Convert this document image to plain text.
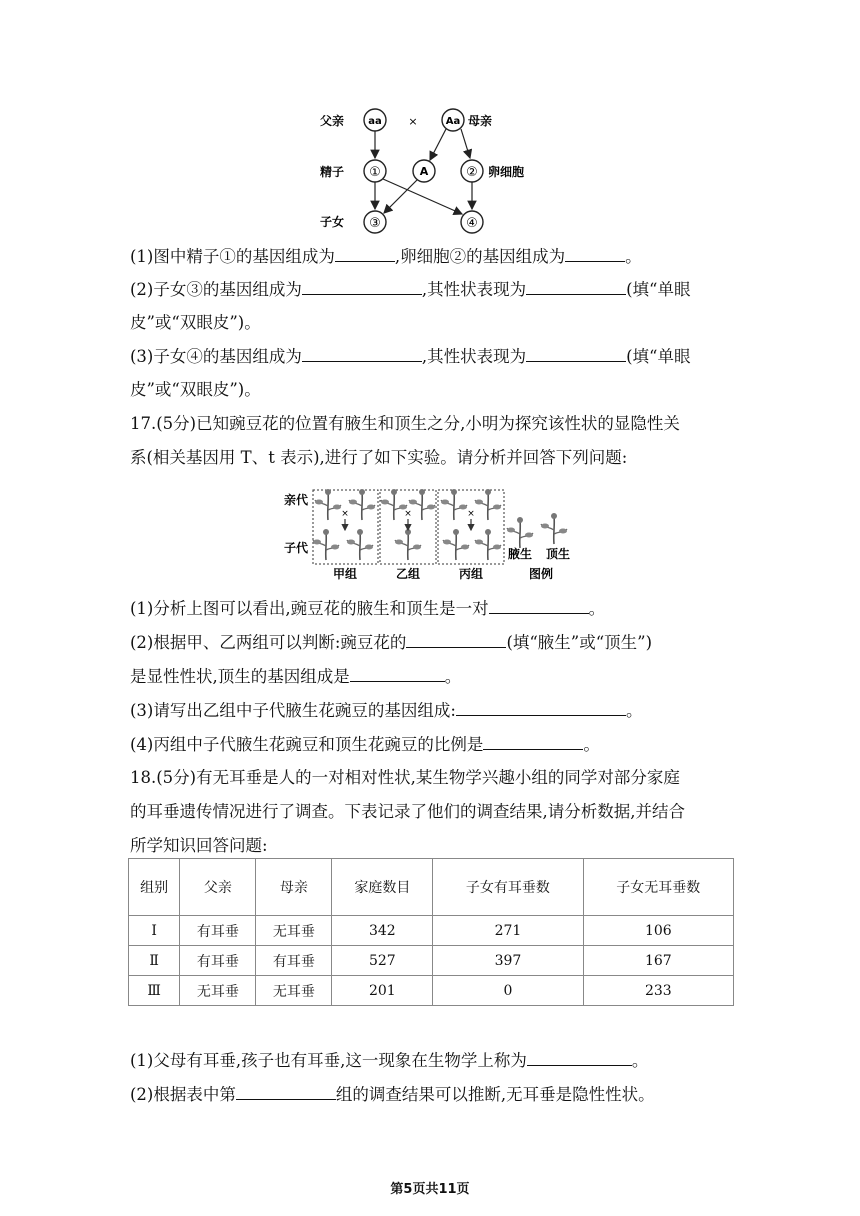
父亲 aa ×	Aa 母亲
精子 ①	A	② 卵细胞
子女 ③	④
(1)图中精子①的基因组成为	,卵细胞②的基因组成为	。
(2)子女③的基因组成为	,其性状表现为	(填“单眼
皮”或“双眼皮”)。
(3)子女④的基因组成为	,其性状表现为	(填“单眼
皮”或“双眼皮”)。
17.(5分)已知豌豆花的位置有腋生和顶生之分,小明为探究该性状的显隐性关
系(相关基因用 T、t 表示),进行了如下实验。请分析并回答下列问题:
亲代
子代
×	×	×
腋生 顶生
甲组	乙组	丙组	图例
(1)分析上图可以看出,豌豆花的腋生和顶生是一对	。
(2)根据甲、乙两组可以判断:豌豆花的	(填“腋生”或“顶生”)
是显性性状,顶生的基因组成是	。
(3)请写出乙组中子代腋生花豌豆的基因组成:	。
(4)丙组中子代腋生花豌豆和顶生花豌豆的比例是	。
18.(5分)有无耳垂是人的一对相对性状,某生物学兴趣小组的同学对部分家庭
的耳垂遗传情况进行了调查。下表记录了他们的调查结果,请分析数据,并结合
所学知识回答问题:
组别	父亲	母亲	家庭数目	子女有耳垂数	子女无耳垂数
Ⅰ	有耳垂	无耳垂	342	271	106
Ⅱ	有耳垂	有耳垂	527	397	167
Ⅲ	无耳垂	无耳垂	201	0	233
(1)父母有耳垂,孩子也有耳垂,这一现象在生物学上称为	。
(2)根据表中第	组的调查结果可以推断,无耳垂是隐性性状。
第5页共11页
